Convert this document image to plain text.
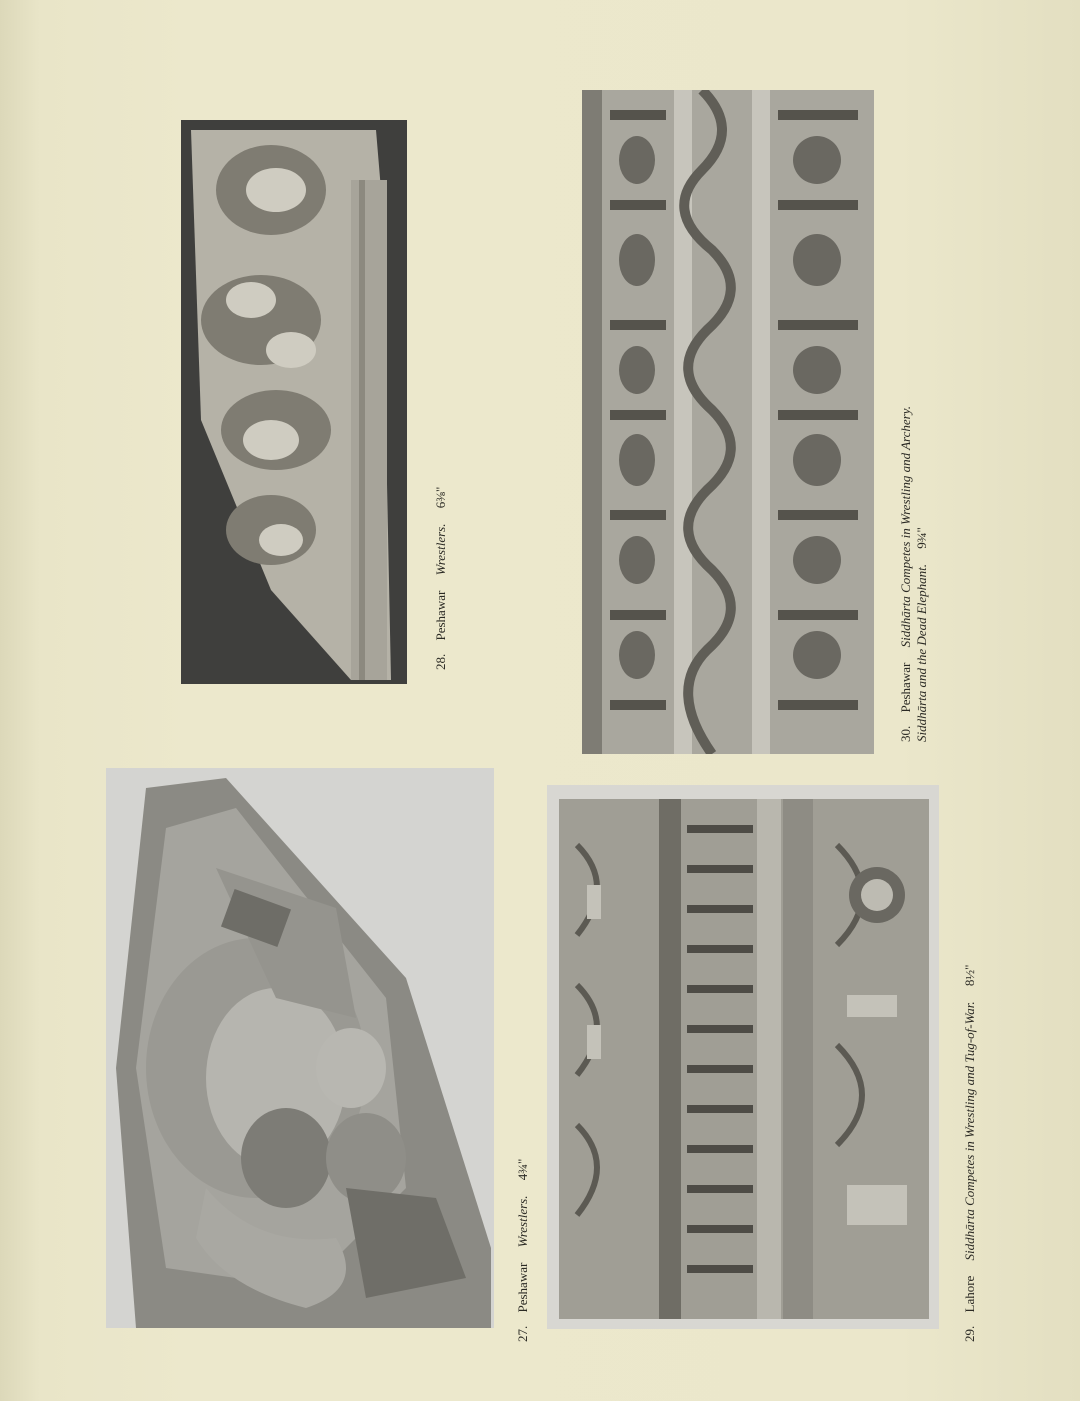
27. Peshawar Wrestlers. 4¾"
28. Peshawar Wrestlers. 6⅜"
29. Lahore Siddhārta Competes in Wrestling and Tug-of-War. 8½"
30. Peshawar Siddhārta Competes in Wrestling and Archery.
Siddhārta and the Dead Elephant. 9¾"
